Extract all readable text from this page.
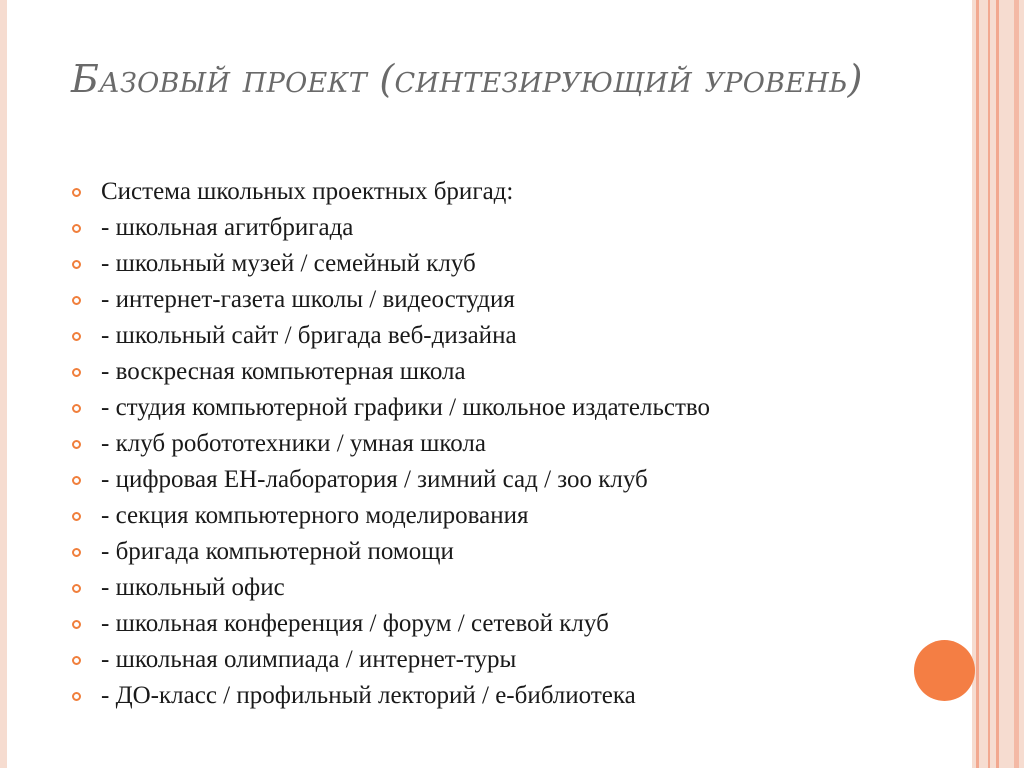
Базовый проект (синтезирующий уровень)
Система школьных проектных бригад:
- школьная агитбригада
- школьный музей / семейный клуб
- интернет-газета школы / видеостудия
- школьный сайт / бригада веб-дизайна
- воскресная компьютерная школа
- студия компьютерной графики / школьное издательство
- клуб робототехники / умная школа
- цифровая ЕН-лаборатория / зимний сад / зоо клуб
- секция компьютерного моделирования
- бригада компьютерной помощи
- школьный офис
- школьная конференция / форум / сетевой клуб
- школьная олимпиада / интернет-туры
- ДО-класс / профильный лекторий / е-библиотека
